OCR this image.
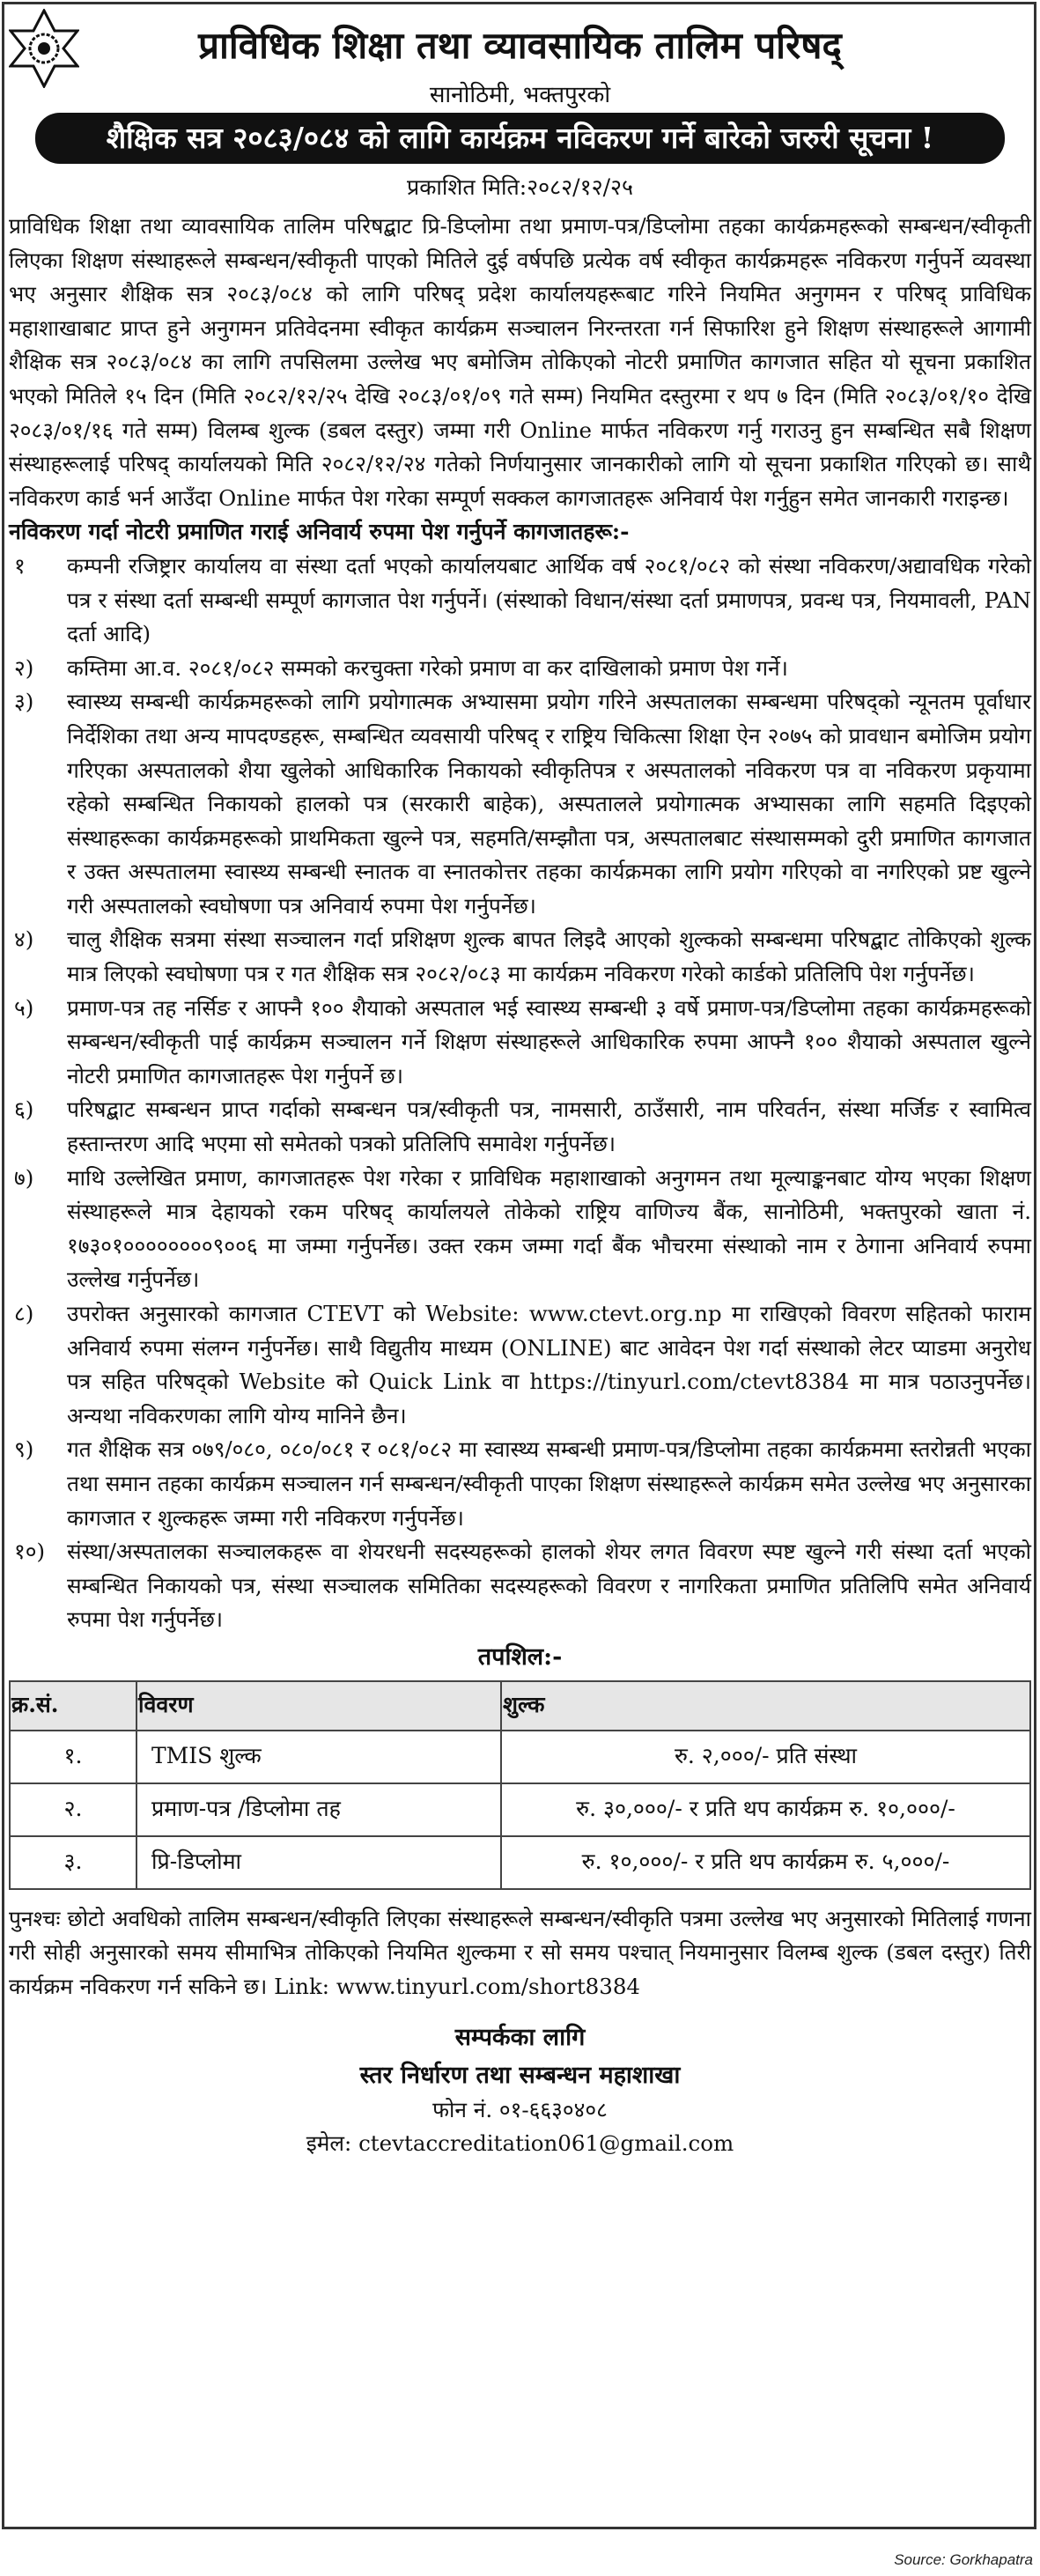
प्राविधिक शिक्षा तथा व्यावसायिक तालिम परिषद्
सानोठिमी, भक्तपुरको
शैक्षिक सत्र २०८३/०८४ को लागि कार्यक्रम नविकरण गर्ने बारेको जरुरी सूचना !
प्रकाशित मिति:२०८२/१२/२५

प्राविधिक शिक्षा तथा व्यावसायिक तालिम परिषद्बाट प्रि-डिप्लोमा तथा प्रमाण-पत्र/डिप्लोमा तहका कार्यक्रमहरूको सम्बन्धन/स्वीकृती लिएका शिक्षण संस्थाहरूले सम्बन्धन/स्वीकृती पाएको मितिले दुई वर्षपछि प्रत्येक वर्ष स्वीकृत कार्यक्रमहरू नविकरण गर्नुपर्ने व्यवस्था भए अनुसार शैक्षिक सत्र २०८३/०८४ को लागि परिषद् प्रदेश कार्यालयहरूबाट गरिने नियमित अनुगमन र परिषद् प्राविधिक महाशाखाबाट प्राप्त हुने अनुगमन प्रतिवेदनमा स्वीकृत कार्यक्रम सञ्चालन निरन्तरता गर्न सिफारिश हुने शिक्षण संस्थाहरूले आगामी शैक्षिक सत्र २०८३/०८४ का लागि तपसिलमा उल्लेख भए बमोजिम तोकिएको नोटरी प्रमाणित कागजात सहित यो सूचना प्रकाशित भएको मितिले १५ दिन (मिति २०८२/१२/२५ देखि २०८३/०१/०९ गते सम्म) नियमित दस्तुरमा र थप ७ दिन (मिति २०८३/०१/१० देखि २०८३/०१/१६ गते सम्म) विलम्ब शुल्क (डबल दस्तुर) जम्मा गरी Online मार्फत नविकरण गर्नु गराउनु हुन सम्बन्धित सबै शिक्षण संस्थाहरूलाई परिषद् कार्यालयको मिति २०८२/१२/२४ गतेको निर्णयानुसार जानकारीको लागि यो सूचना प्रकाशित गरिएको छ। साथै नविकरण कार्ड भर्न आउँदा Online मार्फत पेश गरेका सम्पूर्ण सक्कल कागजातहरू अनिवार्य पेश गर्नुहुन समेत जानकारी गराइन्छ।

नविकरण गर्दा नोटरी प्रमाणित गराई अनिवार्य रुपमा पेश गर्नुपर्ने कागजातहरू:-

१	कम्पनी रजिष्ट्रार कार्यालय वा संस्था दर्ता भएको कार्यालयबाट आर्थिक वर्ष २०८१/०८२ को संस्था नविकरण/अद्यावधिक गरेको पत्र र संस्था दर्ता सम्बन्धी सम्पूर्ण कागजात पेश गर्नुपर्ने। (संस्थाको विधान/संस्था दर्ता प्रमाणपत्र, प्रवन्ध पत्र, नियमावली, PAN दर्ता आदि)
२)	कम्तिमा आ.व. २०८१/०८२ सम्मको करचुक्ता गरेको प्रमाण वा कर दाखिलाको प्रमाण पेश गर्ने।
३)	स्वास्थ्य सम्बन्धी कार्यक्रमहरूको लागि प्रयोगात्मक अभ्यासमा प्रयोग गरिने अस्पतालका सम्बन्धमा परिषद्को न्यूनतम पूर्वाधार निर्देशिका तथा अन्य मापदण्डहरू, सम्बन्धित व्यवसायी परिषद् र राष्ट्रिय चिकित्सा शिक्षा ऐन २०७५ को प्रावधान बमोजिम प्रयोग गरिएका अस्पतालको शैया खुलेको आधिकारिक निकायको स्वीकृतिपत्र र अस्पतालको नविकरण पत्र वा नविकरण प्रकृयामा रहेको सम्बन्धित निकायको हालको पत्र (सरकारी बाहेक), अस्पतालले प्रयोगात्मक अभ्यासका लागि सहमति दिइएको संस्थाहरूका कार्यक्रमहरूको प्राथमिकता खुल्ने पत्र, सहमति/सम्झौता पत्र, अस्पतालबाट संस्थासम्मको दुरी प्रमाणित कागजात र उक्त अस्पतालमा स्वास्थ्य सम्बन्धी स्नातक वा स्नातकोत्तर तहका कार्यक्रमका लागि प्रयोग गरिएको वा नगरिएको प्रष्ट खुल्ने गरी अस्पतालको स्वघोषणा पत्र अनिवार्य रुपमा पेश गर्नुपर्नेछ।
४)	चालु शैक्षिक सत्रमा संस्था सञ्चालन गर्दा प्रशिक्षण शुल्क बापत लिइदै आएको शुल्कको सम्बन्धमा परिषद्बाट तोकिएको शुल्क मात्र लिएको स्वघोषणा पत्र र गत शैक्षिक सत्र २०८२/०८३ मा कार्यक्रम नविकरण गरेको कार्डको प्रतिलिपि पेश गर्नुपर्नेछ।
५)	प्रमाण-पत्र तह नर्सिङ र आफ्नै १०० शैयाको अस्पताल भई स्वास्थ्य सम्बन्धी ३ वर्षे प्रमाण-पत्र/डिप्लोमा तहका कार्यक्रमहरूको सम्बन्धन/स्वीकृती पाई कार्यक्रम सञ्चालन गर्ने शिक्षण संस्थाहरूले आधिकारिक रुपमा आफ्नै १०० शैयाको अस्पताल खुल्ने नोटरी प्रमाणित कागजातहरू पेश गर्नुपर्ने छ।
६)	परिषद्बाट सम्बन्धन प्राप्त गर्दाको सम्बन्धन पत्र/स्वीकृती पत्र, नामसारी, ठाउँसारी, नाम परिवर्तन, संस्था मर्जिङ र स्वामित्व हस्तान्तरण आदि भएमा सो समेतको पत्रको प्रतिलिपि समावेश गर्नुपर्नेछ।
७)	माथि उल्लेखित प्रमाण, कागजातहरू पेश गरेका र प्राविधिक महाशाखाको अनुगमन तथा मूल्याङ्कनबाट योग्य भएका शिक्षण संस्थाहरूले मात्र देहायको रकम परिषद् कार्यालयले तोकेको राष्ट्रिय वाणिज्य बैंक, सानोठिमी, भक्तपुरको खाता नं. १७३०१००००००००९००६ मा जम्मा गर्नुपर्नेछ। उक्त रकम जम्मा गर्दा बैंक भौचरमा संस्थाको नाम र ठेगाना अनिवार्य रुपमा उल्लेख गर्नुपर्नेछ।
८)	उपरोक्त अनुसारको कागजात CTEVT को Website: www.ctevt.org.np मा राखिएको विवरण सहितको फाराम अनिवार्य रुपमा संलग्न गर्नुपर्नेछ। साथै विद्युतीय माध्यम (ONLINE) बाट आवेदन पेश गर्दा संस्थाको लेटर प्याडमा अनुरोध पत्र सहित परिषद्को Website को Quick Link वा https://tinyurl.com/ctevt8384 मा मात्र पठाउनुपर्नेछ। अन्यथा नविकरणका लागि योग्य मानिने छैन।
९)	गत शैक्षिक सत्र ०७९/०८०, ०८०/०८१ र ०८१/०८२ मा स्वास्थ्य सम्बन्धी प्रमाण-पत्र/डिप्लोमा तहका कार्यक्रममा स्तरोन्नती भएका तथा समान तहका कार्यक्रम सञ्चालन गर्न सम्बन्धन/स्वीकृती पाएका शिक्षण संस्थाहरूले कार्यक्रम समेत उल्लेख भए अनुसारका कागजात र शुल्कहरू जम्मा गरी नविकरण गर्नुपर्नेछ।
१०)	संस्था/अस्पतालका सञ्चालकहरू वा शेयरधनी सदस्यहरूको हालको शेयर लगत विवरण स्पष्ट खुल्ने गरी संस्था दर्ता भएको सम्बन्धित निकायको पत्र, संस्था सञ्चालक समितिका सदस्यहरूको विवरण र नागरिकता प्रमाणित प्रतिलिपि समेत अनिवार्य रुपमा पेश गर्नुपर्नेछ।
तपशिल:-
क्र.सं.	विवरण	शुल्क
१.	TMIS शुल्क	रु. २,०००/- प्रति संस्था
२.	प्रमाण-पत्र /डिप्लोमा तह	रु. ३०,०००/- र प्रति थप कार्यक्रम रु. १०,०००/-
३.	प्रि-डिप्लोमा	रु. १०,०००/- र प्रति थप कार्यक्रम रु. ५,०००/-

पुनश्चः छोटो अवधिको तालिम सम्बन्धन/स्वीकृति लिएका संस्थाहरूले सम्बन्धन/स्वीकृति पत्रमा उल्लेख भए अनुसारको मितिलाई गणना गरी सोही अनुसारको समय सीमाभित्र तोकिएको नियमित शुल्कमा र सो समय पश्चात् नियमानुसार विलम्ब शुल्क (डबल दस्तुर) तिरी कार्यक्रम नविकरण गर्न सकिने छ। Link: www.tinyurl.com/short8384

सम्पर्कका लागि
स्तर निर्धारण तथा सम्बन्धन महाशाखा
फोन नं. ०१-६६३०४०८
इमेल: ctevtaccreditation061@gmail.com
Source: Gorkhapatra
